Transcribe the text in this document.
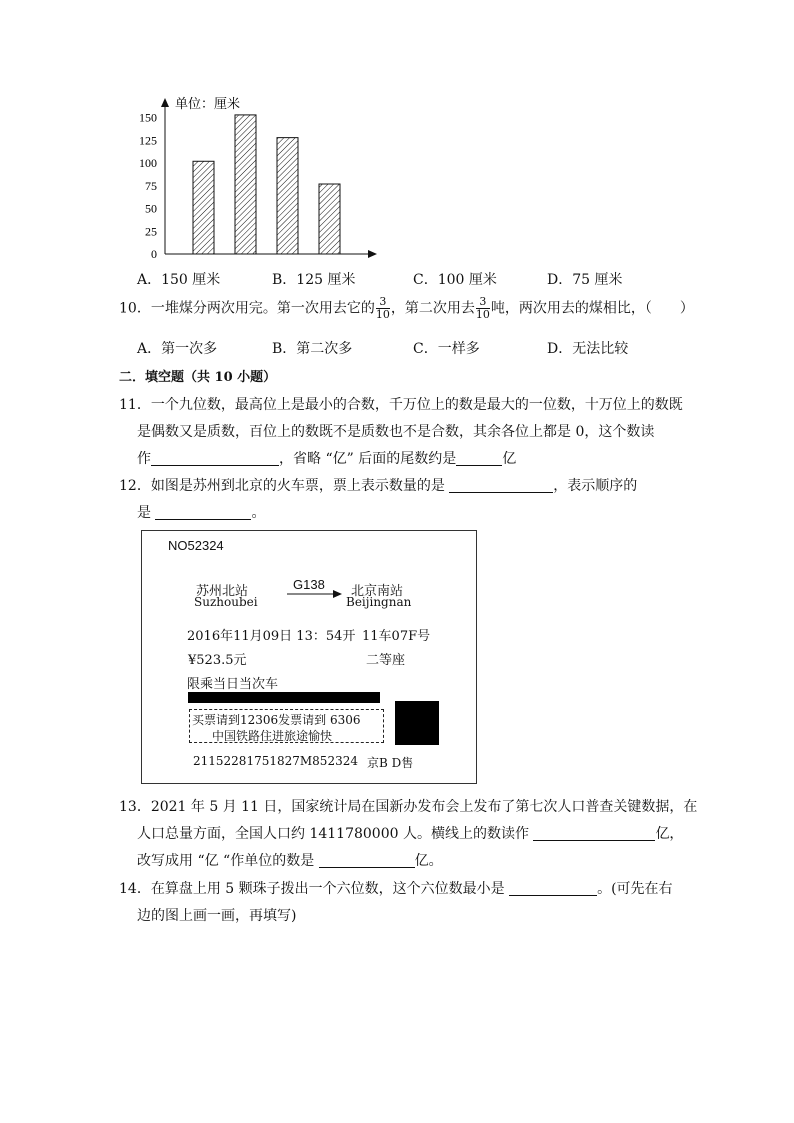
单位：厘米
0
25
50
75
100
125
150
A．150 厘米	B．125 厘米	C．100 厘米	D．75 厘米
10．一堆煤分两次用完。第一次用去它的 $\frac{3}{10}$ ，第二次用去 $\frac{3}{10}$ 吨，两次用去的煤相比，（　　）
A．第一次多	B．第二次多	C．一样多	D．无法比较
二．填空题（共 10 小题）
11．一个九位数，最高位上是最小的合数，千万位上的数是最大的一位数，十万位上的数既
是偶数又是质数，百位上的数既不是质数也不是合数，其余各位上都是 0，这个数读
作	，省略 “亿” 后面的尾数约是	亿
12．如图是苏州到北京的火车票，票上表示数量的是	，表示顺序的
是	。
NO52324
苏州北站
Suzhoubei
G138 北京南站
Beijingnan
2016年11月09日 13：54开 11车07F号
¥523.5元	二等座
限乘当日当次车
买票请到12306发票请到 6306
中国铁路住进旅途愉快
21152281751827M852324 京B D售
13．2021 年 5 月 11 日，国家统计局在国新办发布会上发布了第七次人口普查关键数据，在
人口总量方面，全国人口约 1411780000 人。横线上的数读作	亿，
改写成用 “亿 “作单位的数是	亿。
14．在算盘上用 5 颗珠子拨出一个六位数，这个六位数最小是	。(可先在右
边的图上画一画，再填写)
